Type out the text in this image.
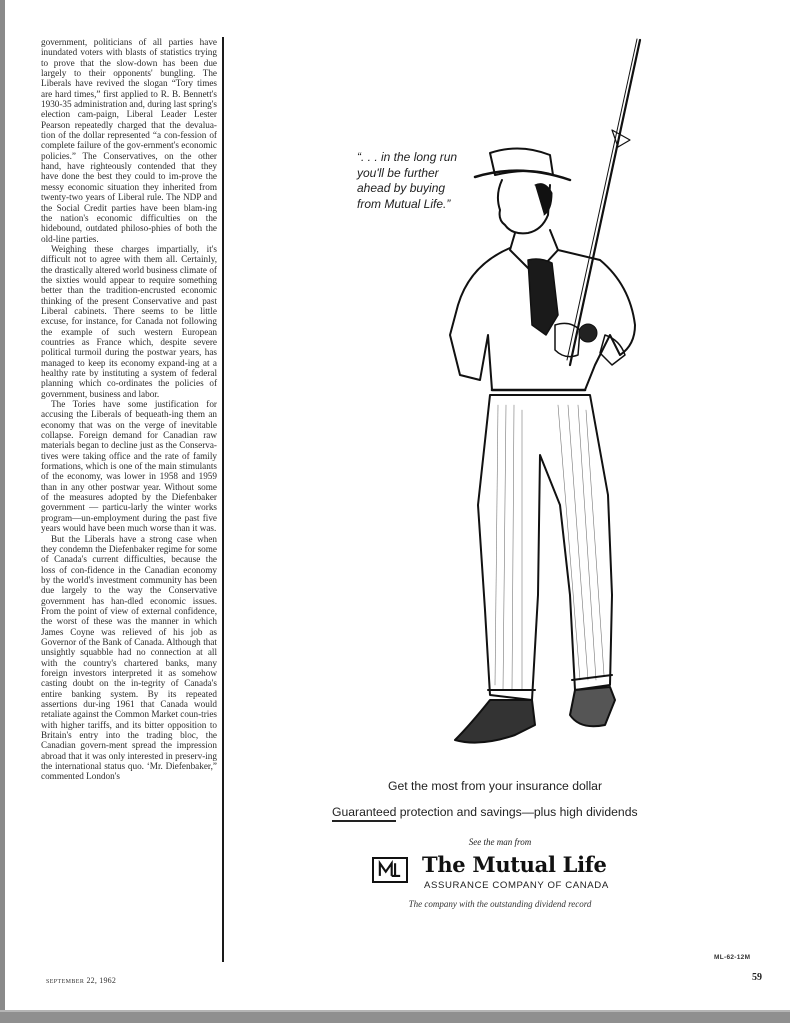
government, politicians of all parties have inundated voters with blasts of statistics trying to prove that the slow-down has been due largely to their opponents' bungling. The Liberals have revived the slogan “Tory times are hard times,” first applied to R. B. Bennett's 1930-35 administration and, during last spring's election cam-paign, Liberal Leader Lester Pearson repeatedly charged that the devalua-tion of the dollar represented “a con-fession of complete failure of the gov-ernment's economic policies.” The Conservatives, on the other hand, have righteously contended that they have done the best they could to im-prove the messy economic situation they inherited from twenty-two years of Liberal rule. The NDP and the Social Credit parties have been blam-ing the nation's economic difficulties on the hidebound, outdated philoso-phies of both the old-line parties.

Weighing these charges impartially, it's difficult not to agree with them all. Certainly, the drastically altered world business climate of the sixties would appear to require something better than the tradition-encrusted economic thinking of the present Conservative and past Liberal cabinets. There seems to be little excuse, for instance, for Canada not following the example of such western European countries as France which, despite severe political turmoil during the postwar years, has managed to keep its economy expand-ing at a healthy rate by instituting a system of federal planning which co-ordinates the policies of government, business and labor.

The Tories have some justification for accusing the Liberals of bequeath-ing them an economy that was on the verge of inevitable collapse. Foreign demand for Canadian raw materials began to decline just as the Conserva-tives were taking office and the rate of family formations, which is one of the main stimulants of the economy, was lower in 1958 and 1959 than in any other postwar year. Without some of the measures adopted by the Diefenbaker government — particu-larly the winter works program—un-employment during the past five years would have been much worse than it was.

But the Liberals have a strong case when they condemn the Diefenbaker regime for some of Canada's current difficulties, because the loss of con-fidence in the Canadian economy by the world's investment community has been due largely to the way the Conservative government has han-dled economic issues. From the point of view of external confidence, the worst of these was the manner in which James Coyne was relieved of his job as Governor of the Bank of Canada. Although that unsightly squabble had no connection at all with the country's chartered banks, many foreign investors interpreted it as somehow casting doubt on the in-tegrity of Canada's entire banking system. By its repeated assertions dur-ing 1961 that Canada would retaliate against the Common Market coun-tries with higher tariffs, and its bitter opposition to Britain's entry into the trading bloc, the Canadian govern-ment spread the impression abroad that it was only interested in preserv-ing the international status quo. ‘Mr. Diefenbaker,” commented London's

SEPTEMBER 22, 1962
“. . . in the long run
you'll be further
ahead by buying
from Mutual Life.”
Get the most from your insurance dollar
Guaranteed protection and savings—plus high dividends
See the man from
The Mutual Life
ASSURANCE COMPANY OF CANADA
The company with the outstanding dividend record
ML-62-12M
59
